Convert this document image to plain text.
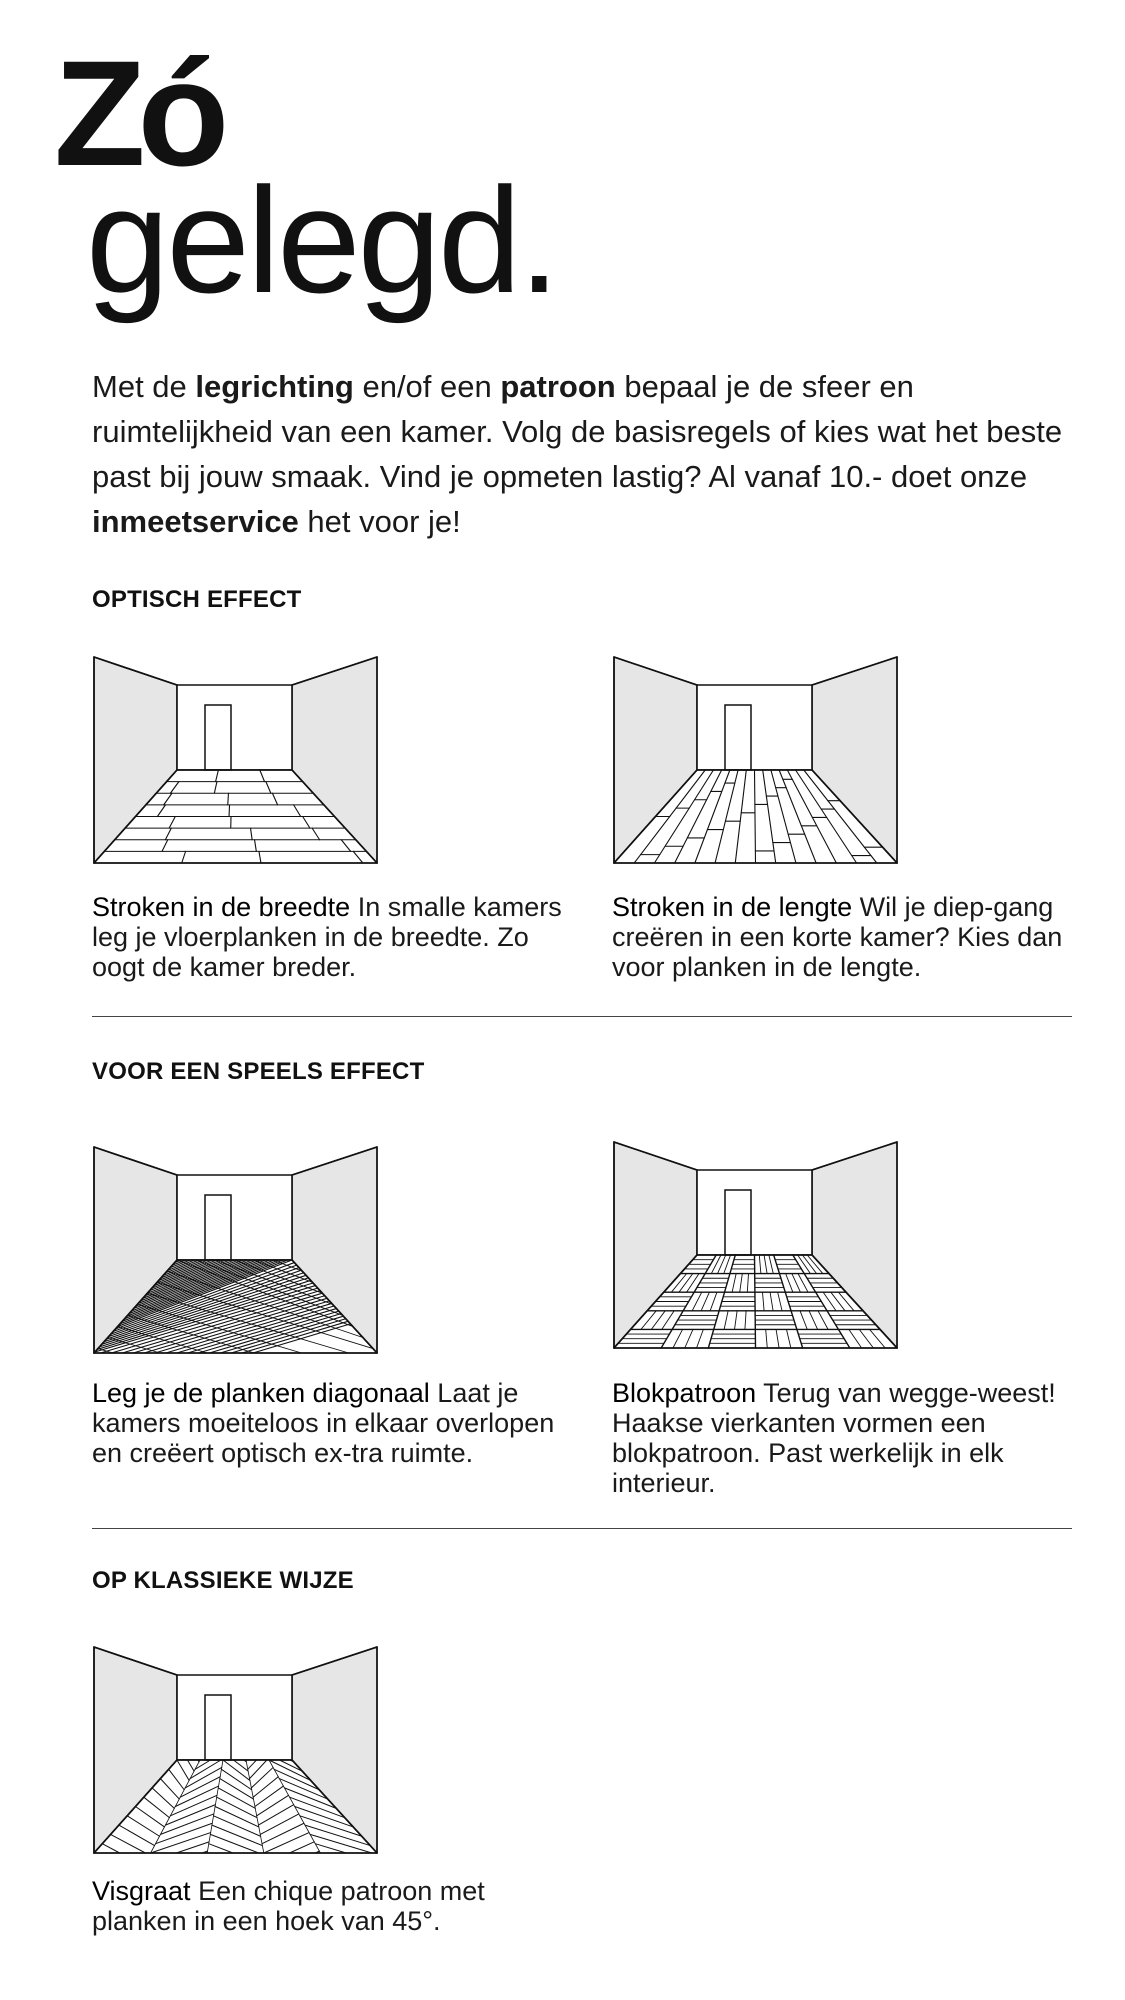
Zó
gelegd.

Met de legrichting en/of een patroon bepaal je de sfeer en ruimtelijkheid van een kamer. Volg de basisregels of kies wat het beste past bij jouw smaak. Vind je opmeten lastig? Al vanaf 10.- doet onze inmeetservice het voor je!

OPTISCH EFFECT

Stroken in de breedte In smalle kamers leg je vloerplanken in de breedte. Zo oogt de kamer breder.

Stroken in de lengte Wil je diep-gang creëren in een korte kamer? Kies dan voor planken in de lengte.

VOOR EEN SPEELS EFFECT

Leg je de planken diagonaal Laat je kamers moeiteloos in elkaar overlopen en creëert optisch ex-tra ruimte.

Blokpatroon Terug van wegge-weest! Haakse vierkanten vormen een blokpatroon. Past werkelijk in elk interieur.

OP KLASSIEKE WIJZE

Visgraat Een chique patroon met planken in een hoek van 45°.
